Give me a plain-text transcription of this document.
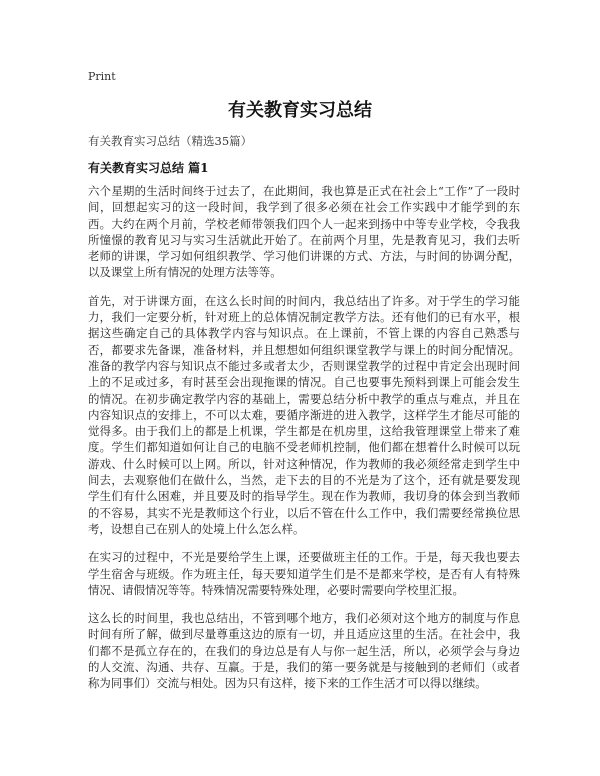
Print
有关教育实习总结
有关教育实习总结（精选35篇）
有关教育实习总结 篇1

六个星期的生活时间终于过去了，在此期间，我也算是正式在社会上“工作”了一段时间，回想起实习的这一段时间，我学到了很多必须在社会工作实践中才能学到的东西。大约在两个月前，学校老师带领我们四个人一起来到扬中中等专业学校，令我我所憧憬的教育见习与实习生活就此开始了。在前两个月里，先是教育见习，我们去听老师的讲课，学习如何组织教学、学习他们讲课的方式、方法，与时间的协调分配，以及课堂上所有情况的处理方法等等。

首先，对于讲课方面，在这么长时间的时间内，我总结出了许多。对于学生的学习能力，我们一定要分析，针对班上的总体情况制定教学方法。还有他们的已有水平，根据这些确定自己的具体教学内容与知识点。在上课前，不管上课的内容自己熟悉与否，都要求先备课，准备材料，并且想想如何组织课堂教学与课上的时间分配情况。准备的教学内容与知识点不能过多或者太少，否则课堂教学的过程中肯定会出现时间上的不足或过多，有时甚至会出现拖课的情况。自己也要事先预料到课上可能会发生的情况。在初步确定教学内容的基础上，需要总结分析中教学的重点与难点，并且在内容知识点的安排上，不可以太难，要循序渐进的进入教学，这样学生才能尽可能的觉得多。由于我们上的都是上机课，学生都是在机房里，这给我管理课堂上带来了难度。学生们都知道如何让自己的电脑不受老师机控制，他们都在想着什么时候可以玩游戏、什么时候可以上网。所以，针对这种情况，作为教师的我必须经常走到学生中间去，去观察他们在做什么，当然，走下去的目的不光是为了这个，还有就是要发现学生们有什么困难，并且要及时的指导学生。现在作为教师，我切身的体会到当教师的不容易，其实不光是教师这个行业，以后不管在什么工作中，我们需要经常换位思考，设想自己在别人的处境上什么怎么样。

在实习的过程中，不光是要给学生上课，还要做班主任的工作。于是，每天我也要去学生宿舍与班级。作为班主任，每天要知道学生们是不是都来学校，是否有人有特殊情况、请假情况等等。特殊情况需要特殊处理，必要时需要向学校里汇报。

这么长的时间里，我也总结出，不管到哪个地方，我们必须对这个地方的制度与作息时间有所了解，做到尽量尊重这边的原有一切，并且适应这里的生活。在社会中，我们都不是孤立存在的，在我们的身边总是有人与你一起生活，所以，必须学会与身边的人交流、沟通、共存、互赢。于是，我们的第一要务就是与接触到的老师们（或者称为同事们）交流与相处。因为只有这样，接下来的工作生活才可以得以继续。
